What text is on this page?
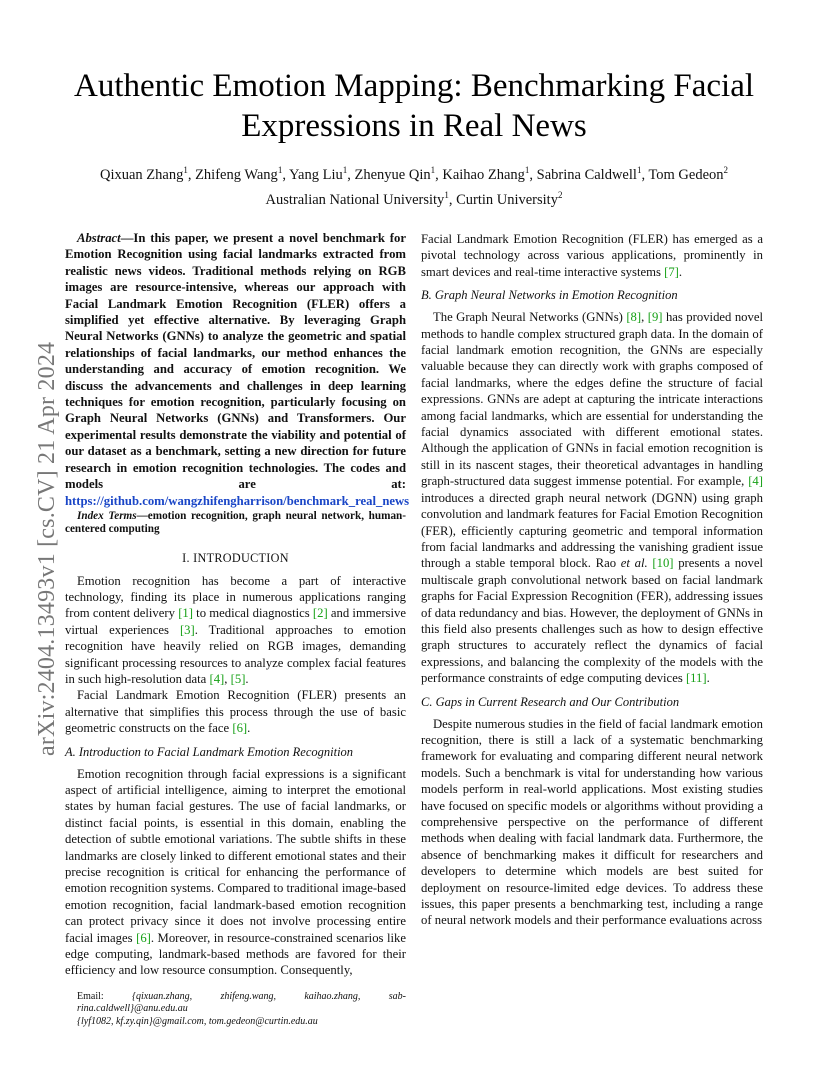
arXiv:2404.13493v1 [cs.CV] 21 Apr 2024
Authentic Emotion Mapping: Benchmarking Facial Expressions in Real News
Qixuan Zhang$^1$, Zhifeng Wang$^1$, Yang Liu$^1$, Zhenyue Qin$^1$, Kaihao Zhang$^1$, Sabrina Caldwell$^1$, Tom Gedeon$^2$
Australian National University$^1$, Curtin University$^2$

Abstract—In this paper, we present a novel benchmark for Emotion Recognition using facial landmarks extracted from realistic news videos. Traditional methods relying on RGB images are resource-intensive, whereas our approach with Facial Landmark Emotion Recognition (FLER) offers a simplified yet effective alternative. By leveraging Graph Neural Networks (GNNs) to analyze the geometric and spatial relationships of facial landmarks, our method enhances the understanding and accuracy of emotion recognition. We discuss the advancements and challenges in deep learning techniques for emotion recognition, particularly focusing on Graph Neural Networks (GNNs) and Transformers. Our experimental results demonstrate the viability and potential of our dataset as a benchmark, setting a new direction for future research in emotion recognition technologies. The codes and models are at: https://github.com/wangzhifengharrison/benchmark_real_news

Index Terms—emotion recognition, graph neural network, human-centered computing

I. INTRODUCTION

Emotion recognition has become a part of interactive technology, finding its place in numerous applications ranging from content delivery [1] to medical diagnostics [2] and immersive virtual experiences [3]. Traditional approaches to emotion recognition have heavily relied on RGB images, demanding significant processing resources to analyze complex facial features in such high-resolution data [4], [5].

Facial Landmark Emotion Recognition (FLER) presents an alternative that simplifies this process through the use of basic geometric constructs on the face [6].

A. Introduction to Facial Landmark Emotion Recognition

Emotion recognition through facial expressions is a significant aspect of artificial intelligence, aiming to interpret the emotional states by human facial gestures. The use of facial landmarks, or distinct facial points, is essential in this domain, enabling the detection of subtle emotional variations. The subtle shifts in these landmarks are closely linked to different emotional states and their precise recognition is critical for enhancing the performance of emotion recognition systems. Compared to traditional image-based emotion recognition, facial landmark-based emotion recognition can protect privacy since it does not involve processing entire facial images [6]. Moreover, in resource-constrained scenarios like edge computing, landmark-based methods are favored for their efficiency and low resource consumption. Consequently,

Email:	{qixuan.zhang,	zhifeng.wang,	kaihao.zhang,	sab-
rina.caldwell}@anu.edu.au
{lyf1082, kf.zy.qin}@gmail.com, tom.gedeon@curtin.edu.au

Facial Landmark Emotion Recognition (FLER) has emerged as a pivotal technology across various applications, prominently in smart devices and real-time interactive systems [7].

B. Graph Neural Networks in Emotion Recognition

The Graph Neural Networks (GNNs) [8], [9] has provided novel methods to handle complex structured graph data. In the domain of facial landmark emotion recognition, the GNNs are especially valuable because they can directly work with graphs composed of facial landmarks, where the edges define the structure of facial expressions. GNNs are adept at capturing the intricate interactions among facial landmarks, which are essential for understanding the facial dynamics associated with different emotional states. Although the application of GNNs in facial emotion recognition is still in its nascent stages, their theoretical advantages in handling graph-structured data suggest immense potential. For example, [4] introduces a directed graph neural network (DGNN) using graph convolution and landmark features for Facial Emotion Recognition (FER), efficiently capturing geometric and temporal information from facial landmarks and addressing the vanishing gradient issue through a stable temporal block. Rao et al. [10] presents a novel multiscale graph convolutional network based on facial landmark graphs for Facial Expression Recognition (FER), addressing issues of data redundancy and bias. However, the deployment of GNNs in this field also presents challenges such as how to design effective graph structures to accurately reflect the dynamics of facial expressions, and balancing the complexity of the models with the performance constraints of edge computing devices [11].

C. Gaps in Current Research and Our Contribution

Despite numerous studies in the field of facial landmark emotion recognition, there is still a lack of a systematic benchmarking framework for evaluating and comparing different neural network models. Such a benchmark is vital for understanding how various models perform in real-world applications. Most existing studies have focused on specific models or algorithms without providing a comprehensive perspective on the performance of different methods when dealing with facial landmark data. Furthermore, the absence of benchmarking makes it difficult for researchers and developers to determine which models are best suited for deployment on resource-limited edge devices. To address these issues, this paper presents a benchmarking test, including a range of neural network models and their performance evaluations across
